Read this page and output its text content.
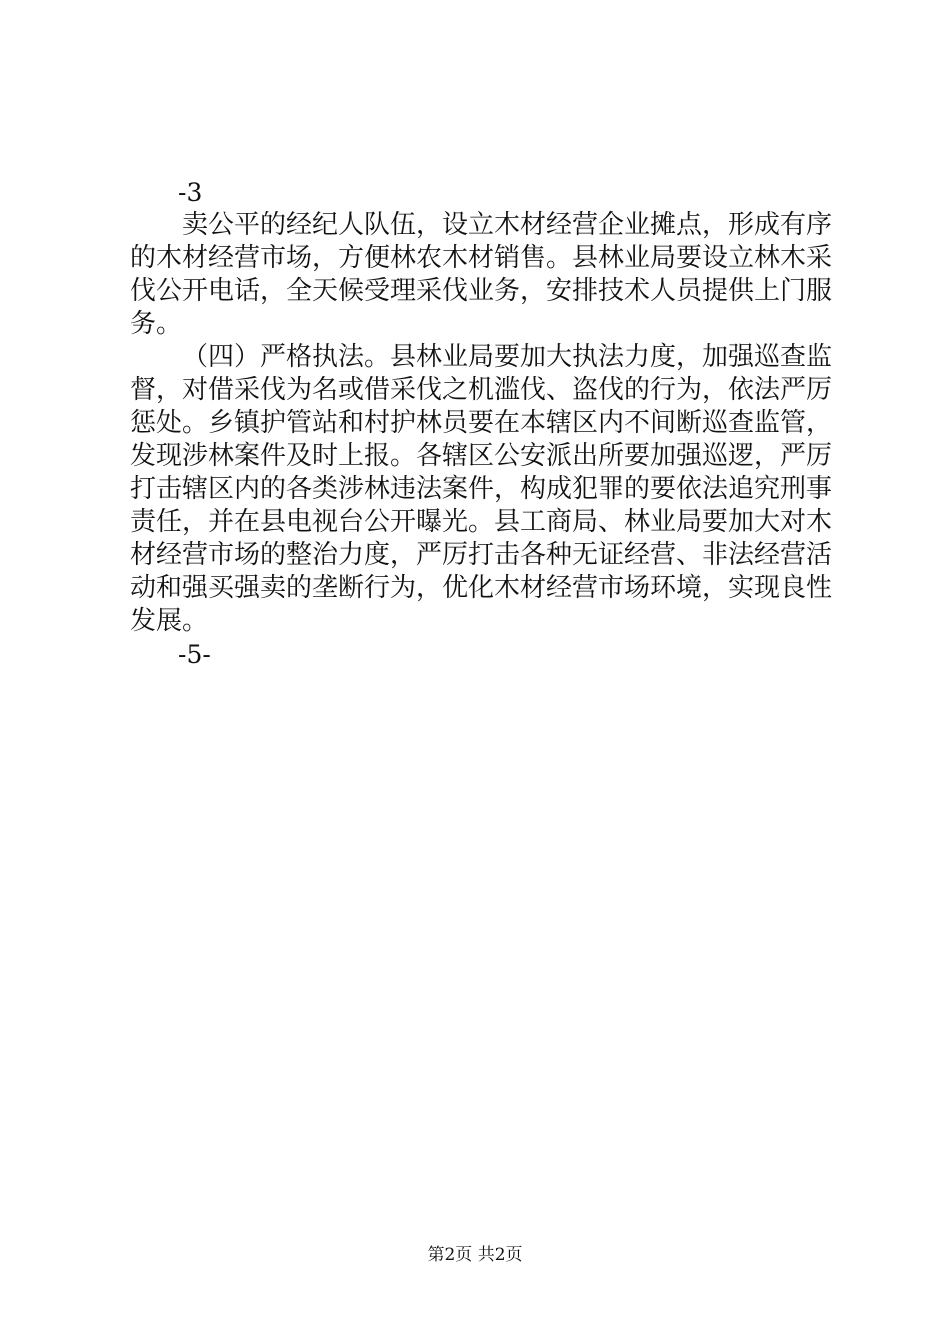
-3
卖公平的经纪人队伍，设立木材经营企业摊点，形成有序
的木材经营市场，方便林农木材销售。县林业局要设立林木采
伐公开电话，全天候受理采伐业务，安排技术人员提供上门服
务。
（四）严格执法。县林业局要加大执法力度，加强巡查监
督，对借采伐为名或借采伐之机滥伐、盗伐的行为，依法严厉
惩处。乡镇护管站和村护林员要在本辖区内不间断巡查监管，
发现涉林案件及时上报。各辖区公安派出所要加强巡逻，严厉
打击辖区内的各类涉林违法案件，构成犯罪的要依法追究刑事
责任，并在县电视台公开曝光。县工商局、林业局要加大对木
材经营市场的整治力度，严厉打击各种无证经营、非法经营活
动和强买强卖的垄断行为，优化木材经营市场环境，实现良性
发展。
-5-
第2页 共2页
